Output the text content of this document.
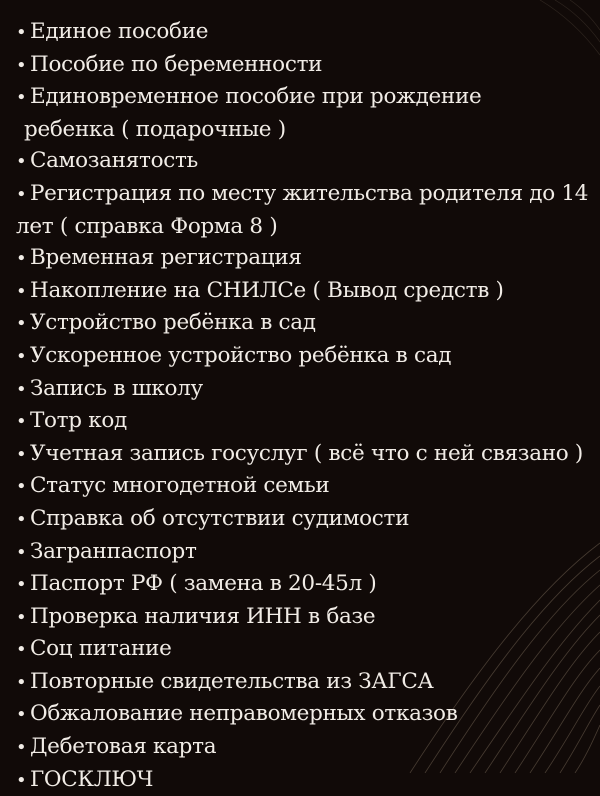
• Единое пособие
• Пособие по беременности
• Единовременное пособие при рождение
ребенка ( подарочные )
• Самозанятость
• Регистрация по месту жительства родителя до 14
лет ( справка Форма 8 )
• Временная регистрация
• Накопление на СНИЛСе ( Вывод средств )
• Устройство ребёнка в сад
• Ускоренное устройство ребёнка в сад
• Запись в школу
• Тотр код
• Учетная запись госуслуг ( всё что с ней связано )
• Статус многодетной семьи
• Справка об отсутствии судимости
• Загранпаспорт
• Паспорт РФ ( замена в 20-45л )
• Проверка наличия ИНН в базе
• Соц питание
• Повторные свидетельства из ЗАГСА
• Обжалование неправомерных отказов
• Дебетовая карта
• ГОСКЛЮЧ
